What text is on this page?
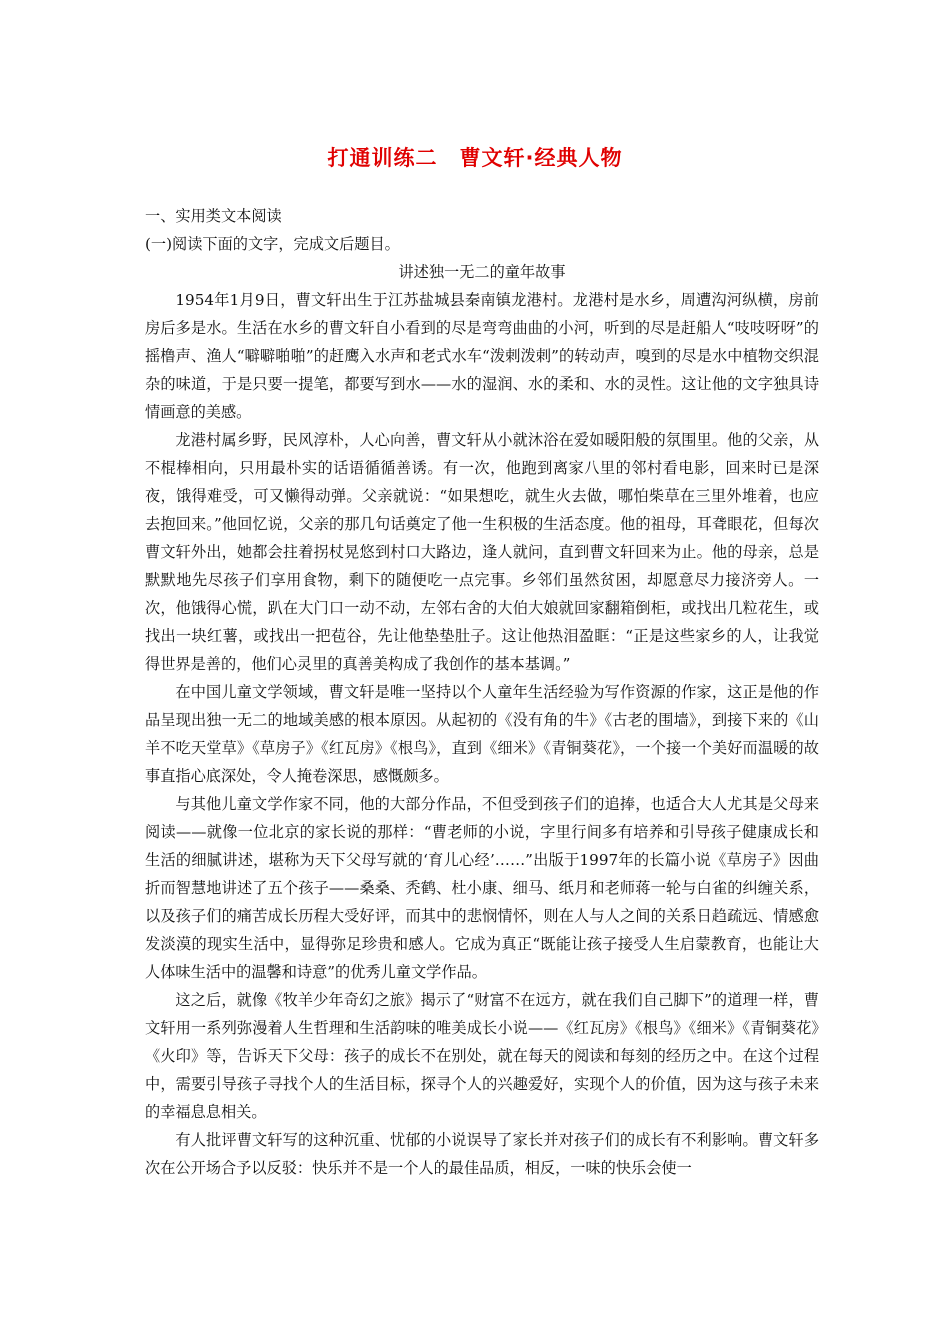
打通训练二　曹文轩·经典人物

一、实用类文本阅读

(一)阅读下面的文字，完成文后题目。

讲述独一无二的童年故事

1954年1月9日，曹文轩出生于江苏盐城县秦南镇龙港村。龙港村是水乡，周遭沟河纵横，房前房后多是水。生活在水乡的曹文轩自小看到的尽是弯弯曲曲的小河，听到的尽是赶船人“吱吱呀呀”的摇橹声、渔人“噼噼啪啪”的赶鹰入水声和老式水车“泼剌泼剌”的转动声，嗅到的尽是水中植物交织混杂的味道，于是只要一提笔，都要写到水——水的湿润、水的柔和、水的灵性。这让他的文字独具诗情画意的美感。

龙港村属乡野，民风淳朴，人心向善，曹文轩从小就沐浴在爱如暖阳般的氛围里。他的父亲，从不棍棒相向，只用最朴实的话语循循善诱。有一次，他跑到离家八里的邻村看电影，回来时已是深夜，饿得难受，可又懒得动弹。父亲就说：“如果想吃，就生火去做，哪怕柴草在三里外堆着，也应去抱回来。”他回忆说，父亲的那几句话奠定了他一生积极的生活态度。他的祖母，耳聋眼花，但每次曹文轩外出，她都会拄着拐杖晃悠到村口大路边，逢人就问，直到曹文轩回来为止。他的母亲，总是默默地先尽孩子们享用食物，剩下的随便吃一点完事。乡邻们虽然贫困，却愿意尽力接济旁人。一次，他饿得心慌，趴在大门口一动不动，左邻右舍的大伯大娘就回家翻箱倒柜，或找出几粒花生，或找出一块红薯，或找出一把苞谷，先让他垫垫肚子。这让他热泪盈眶：“正是这些家乡的人，让我觉得世界是善的，他们心灵里的真善美构成了我创作的基本基调。”

在中国儿童文学领域，曹文轩是唯一坚持以个人童年生活经验为写作资源的作家，这正是他的作品呈现出独一无二的地域美感的根本原因。从起初的《没有角的牛》《古老的围墙》，到接下来的《山羊不吃天堂草》《草房子》《红瓦房》《根鸟》，直到《细米》《青铜葵花》，一个接一个美好而温暖的故事直指心底深处，令人掩卷深思，感慨颇多。

与其他儿童文学作家不同，他的大部分作品，不但受到孩子们的追捧，也适合大人尤其是父母来阅读——就像一位北京的家长说的那样：“曹老师的小说，字里行间多有培养和引导孩子健康成长和生活的细腻讲述，堪称为天下父母写就的‘育儿心经’……”出版于1997年的长篇小说《草房子》因曲折而智慧地讲述了五个孩子——桑桑、秃鹤、杜小康、细马、纸月和老师蒋一轮与白雀的纠缠关系，以及孩子们的痛苦成长历程大受好评，而其中的悲悯情怀，则在人与人之间的关系日趋疏远、情感愈发淡漠的现实生活中，显得弥足珍贵和感人。它成为真正“既能让孩子接受人生启蒙教育，也能让大人体味生活中的温馨和诗意”的优秀儿童文学作品。

这之后，就像《牧羊少年奇幻之旅》揭示了“财富不在远方，就在我们自己脚下”的道理一样，曹文轩用一系列弥漫着人生哲理和生活韵味的唯美成长小说——《红瓦房》《根鸟》《细米》《青铜葵花》《火印》等，告诉天下父母：孩子的成长不在别处，就在每天的阅读和每刻的经历之中。在这个过程中，需要引导孩子寻找个人的生活目标，探寻个人的兴趣爱好，实现个人的价值，因为这与孩子未来的幸福息息相关。

有人批评曹文轩写的这种沉重、忧郁的小说误导了家长并对孩子们的成长有不利影响。曹文轩多次在公开场合予以反驳：快乐并不是一个人的最佳品质，相反，一味的快乐会使一
